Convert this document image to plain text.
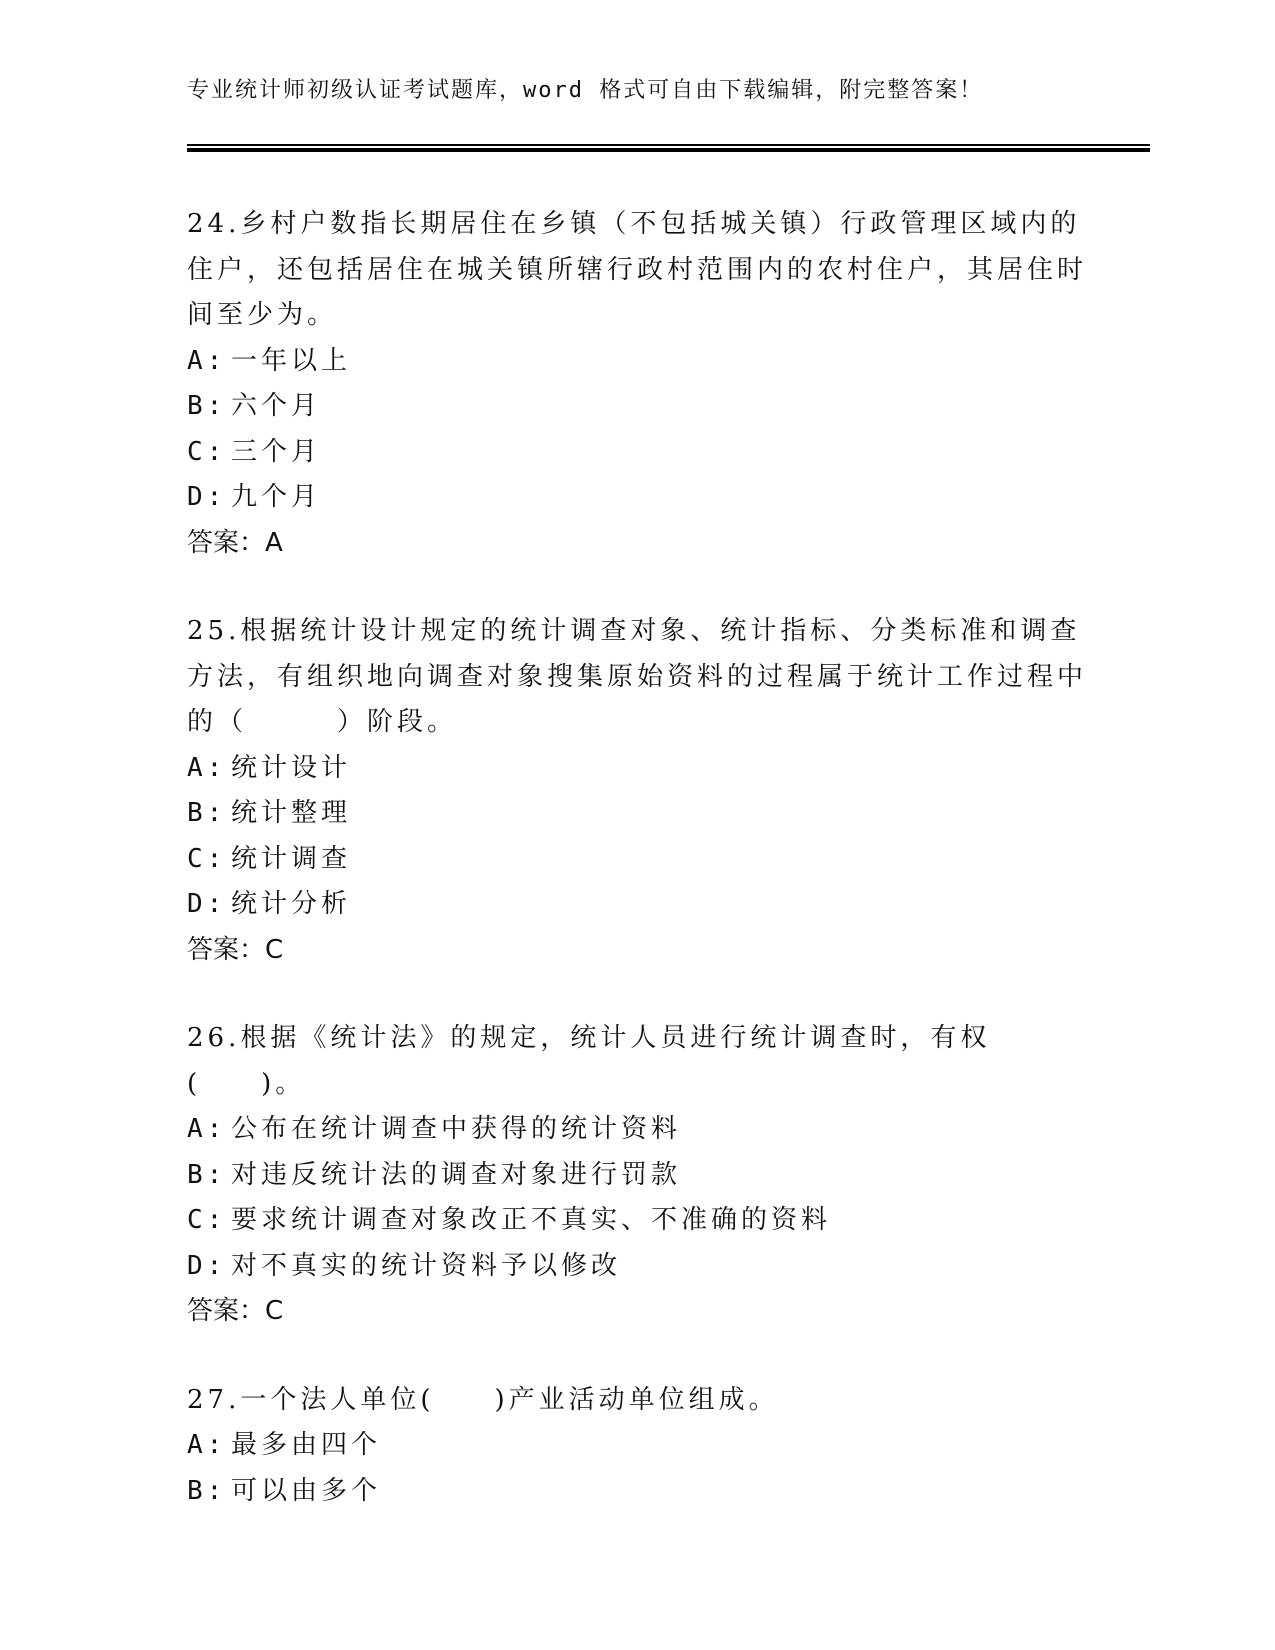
专业统计师初级认证考试题库，word 格式可自由下载编辑，附完整答案！

24.乡村户数指长期居住在乡镇（不包括城关镇）行政管理区域内的住户，还包括居住在城关镇所辖行政村范围内的农村住户，其居住时间至少为。

A: 一年以上
B: 六个月
C: 三个月
D: 九个月
答案：A

25.根据统计设计规定的统计调查对象、统计指标、分类标准和调查方法，有组织地向调查对象搜集原始资料的过程属于统计工作过程中的（　　　）阶段。

A: 统计设计
B: 统计整理
C: 统计调查
D: 统计分析
答案：C

26.根据《统计法》的规定，统计人员进行统计调查时，有权(　　)。

A: 公布在统计调查中获得的统计资料
B: 对违反统计法的调查对象进行罚款
C: 要求统计调查对象改正不真实、不准确的资料
D: 对不真实的统计资料予以修改
答案：C

27.一个法人单位(　　)产业活动单位组成。

A: 最多由四个
B: 可以由多个
